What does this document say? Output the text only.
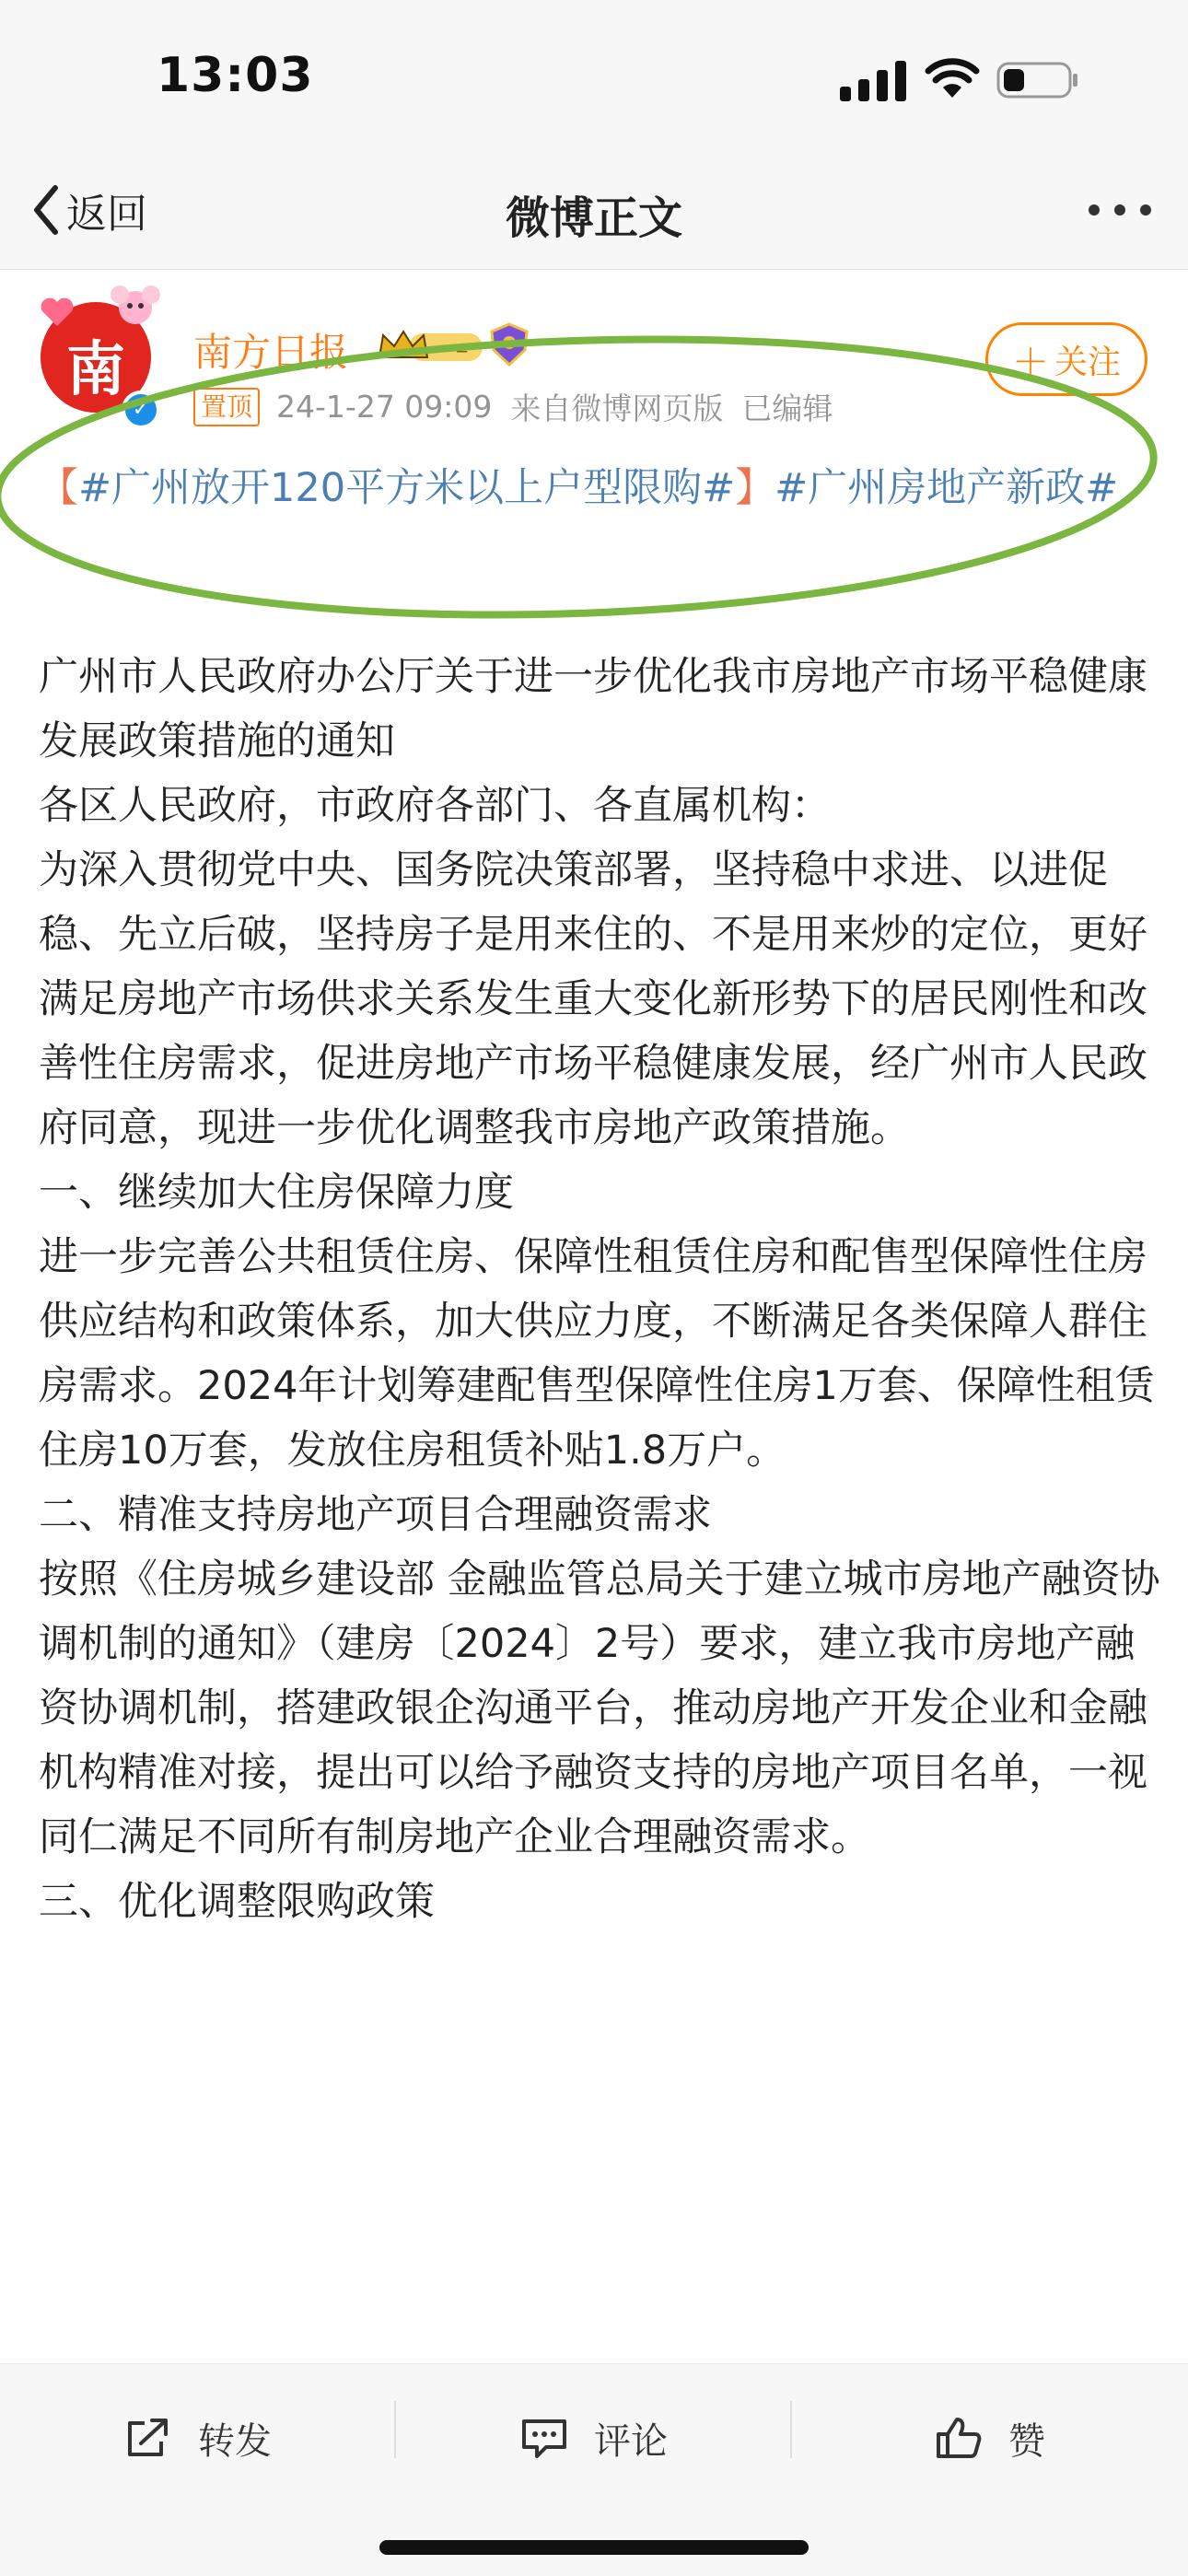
13:03
返回	微博正文
南
✓
南方日报	≡	＋ 关注
置顶 24-1-27 09:09 来自微博网页版 已编辑
【#广州放开120平方米以上户型限购#】#广州房地产新政#

广州市人民政府办公厅关于进一步优化我市房地产市场平稳健康发展政策措施的通知

各区人民政府，市政府各部门、各直属机构：
为深入贯彻党中央、国务院决策部署，坚持稳中求进、以进促稳、先立后破，坚持房子是用来住的、不是用来炒的定位，更好满足房地产市场供求关系发生重大变化新形势下的居民刚性和改善性住房需求，促进房地产市场平稳健康发展，经广州市人民政府同意，现进一步优化调整我市房地产政策措施。

一、继续加大住房保障力度
进一步完善公共租赁住房、保障性租赁住房和配售型保障性住房供应结构和政策体系，加大供应力度，不断满足各类保障人群住房需求。2024年计划筹建配售型保障性住房1万套、保障性租赁住房10万套，发放住房租赁补贴1.8万户。

二、精准支持房地产项目合理融资需求
按照《住房城乡建设部 金融监管总局关于建立城市房地产融资协调机制的通知》（建房〔2024〕2号）要求，建立我市房地产融资协调机制，搭建政银企沟通平台，推动房地产开发企业和金融机构精准对接，提出可以给予融资支持的房地产项目名单，一视同仁满足不同所有制房地产企业合理融资需求。

三、优化调整限购政策

转发	评论	赞
